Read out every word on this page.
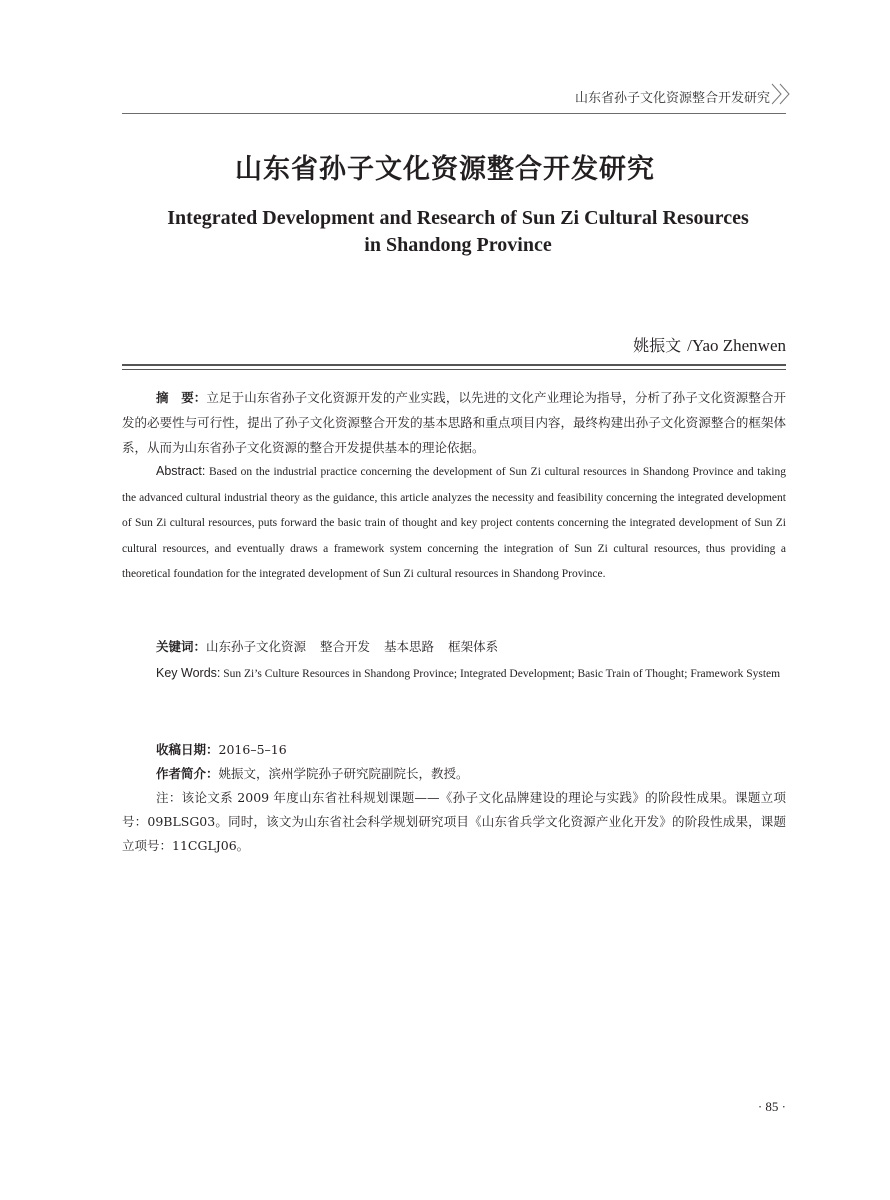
山东省孙子文化资源整合开发研究
山东省孙子文化资源整合开发研究
Integrated Development and Research of Sun Zi Cultural Resources
in Shandong Province
姚振文 /Yao Zhenwen
摘　要：立足于山东省孙子文化资源开发的产业实践，以先进的文化产业理论为指导，分析了孙子文化资源整合开发的必要性与可行性，提出了孙子文化资源整合开发的基本思路和重点项目内容，最终构建出孙子文化资源整合的框架体系，从而为山东省孙子文化资源的整合开发提供基本的理论依据。
Abstract: Based on the industrial practice concerning the development of Sun Zi cultural resources in Shandong Province and taking the advanced cultural industrial theory as the guidance, this article analyzes the necessity and feasibility concerning the integrated development of Sun Zi cultural resources, puts forward the basic train of thought and key project contents concerning the integrated development of Sun Zi cultural resources, and eventually draws a framework system concerning the integration of Sun Zi cultural resources, thus providing a theoretical foundation for the integrated development of Sun Zi cultural resources in Shandong Province.
关键词：山东孙子文化资源 整合开发 基本思路 框架体系
Key Words: Sun Zi’s Culture Resources in Shandong Province; Integrated Development; Basic Train of Thought; Framework System
收稿日期：2016–5–16
作者简介：姚振文，滨州学院孙子研究院副院长，教授。
注：该论文系 2009 年度山东省社科规划课题——《孙子文化品牌建设的理论与实践》的阶段性成果。课题立项号：09BLSG03。同时，该文为山东省社会科学规划研究项目《山东省兵学文化资源产业化开发》的阶段性成果，课题立项号：11CGLJ06。
· 85 ·
